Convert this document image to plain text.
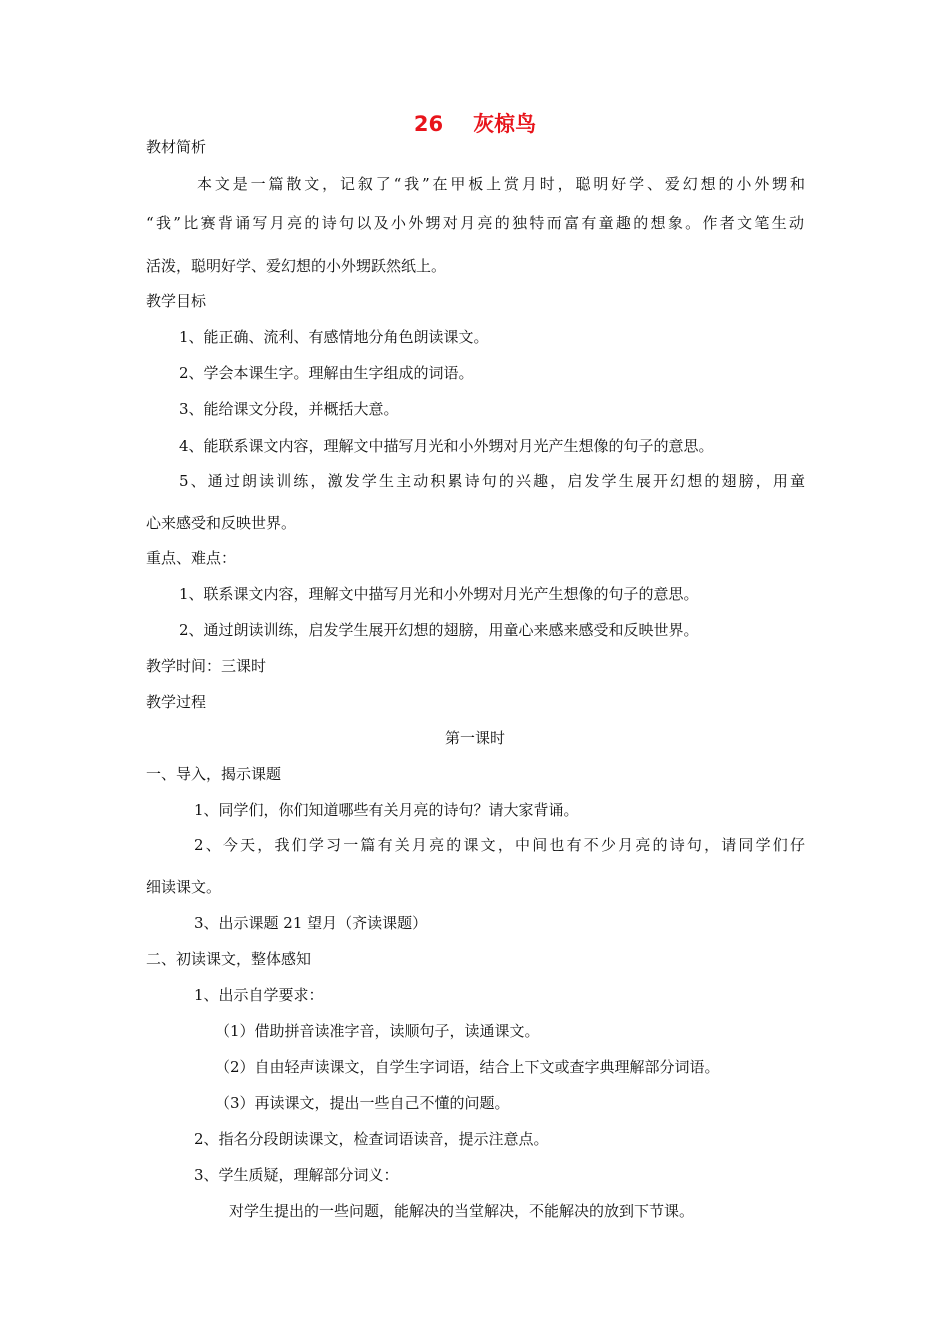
26 灰椋鸟
教材简析
本文是一篇散文，记叙了“我”在甲板上赏月时，聪明好学、爱幻想的小外甥和
“我”比赛背诵写月亮的诗句以及小外甥对月亮的独特而富有童趣的想象。作者文笔生动
活泼，聪明好学、爱幻想的小外甥跃然纸上。
教学目标
1、能正确、流利、有感情地分角色朗读课文。
2、学会本课生字。理解由生字组成的词语。
3、能给课文分段，并概括大意。
4、能联系课文内容，理解文中描写月光和小外甥对月光产生想像的句子的意思。
5、通过朗读训练，激发学生主动积累诗句的兴趣，启发学生展开幻想的翅膀，用童
心来感受和反映世界。
重点、难点：
1、联系课文内容，理解文中描写月光和小外甥对月光产生想像的句子的意思。
2、通过朗读训练，启发学生展开幻想的翅膀，用童心来感来感受和反映世界。
教学时间：三课时
教学过程
第一课时
一、导入，揭示课题
1、同学们，你们知道哪些有关月亮的诗句？请大家背诵。
2、今天，我们学习一篇有关月亮的课文，中间也有不少月亮的诗句，请同学们仔
细读课文。
3、出示课题 21 望月（齐读课题）
二、初读课文，整体感知
1、出示自学要求：
（1）借助拼音读准字音，读顺句子，读通课文。
（2）自由轻声读课文，自学生字词语，结合上下文或查字典理解部分词语。
（3）再读课文，提出一些自己不懂的问题。
2、指名分段朗读课文，检查词语读音，提示注意点。
3、学生质疑，理解部分词义：
对学生提出的一些问题，能解决的当堂解决，不能解决的放到下节课。
